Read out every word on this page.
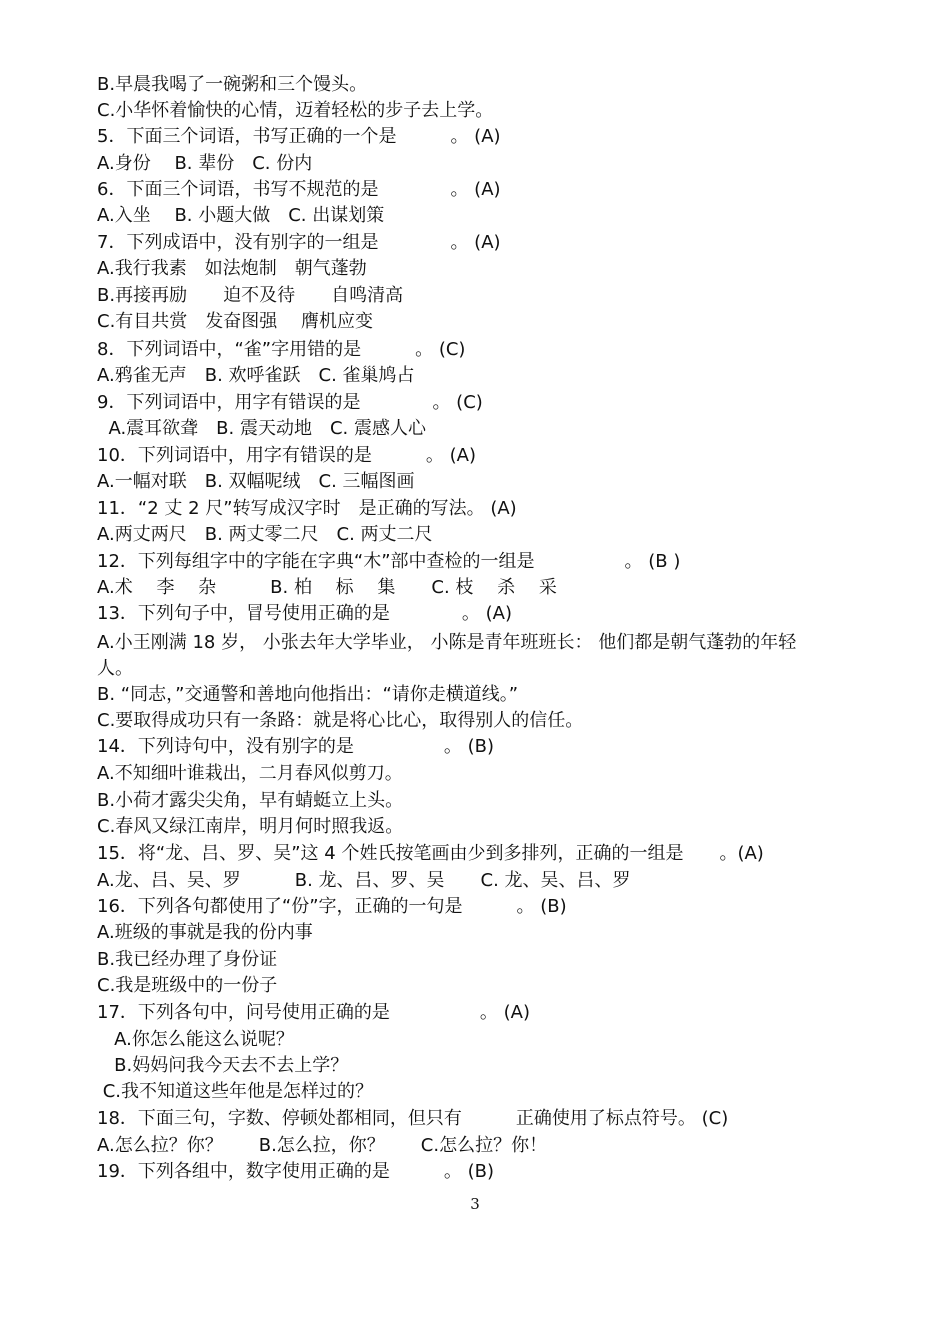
B.早晨我喝了一碗粥和三个馒头。
C.小华怀着愉快的心情，迈着轻松的步子去上学。
5．下面三个词语，书写正确的一个是　　　。 (A)
A.身份　 B. 辈份　C. 份内
6．下面三个词语，书写不规范的是　　　　。 (A)
A.入坐　 B. 小题大做　C. 出谋划策
7．下列成语中，没有别字的一组是　　　　。 (A)
A.我行我素　如法炮制　朝气蓬勃
B.再接再励　　迫不及待　　自鸣清高
C.有目共赏　发奋图强　 膺机应变
8．下列词语中，“雀”字用错的是　　　。 (C)
A.鸦雀无声　B. 欢呼雀跃　C. 雀巢鸠占
9．下列词语中，用字有错误的是　　　　。 (C)
A.震耳欲聋　B. 震天动地　C. 震感人心
10．下列词语中，用字有错误的是　　　。 (A)
A.一幅对联　B. 双幅呢绒　C. 三幅图画
11．“2 丈 2 尺”转写成汉字时　是正确的写法。 (A)
A.两丈两尺　B. 两丈零二尺　C. 两丈二尺
12．下列每组字中的字能在字典“木”部中查检的一组是　　　　　。 (B )
A.术　 李　 杂　　　B. 柏　 标　 集　　C. 枝　 杀　 采
13．下列句子中，冒号使用正确的是　　　　。 (A)
A.小王刚满 18 岁， 小张去年大学毕业， 小陈是青年班班长： 他们都是朝气蓬勃的年轻
人。
B. “同志，”交通警和善地向他指出：“请你走横道线。”
C.要取得成功只有一条路：就是将心比心，取得别人的信任。
14．下列诗句中，没有别字的是　　　　　。 (B)
A.不知细叶谁栽出，二月春风似剪刀。
B.小荷才露尖尖角，早有蜻蜓立上头。
C.春风又绿江南岸，明月何时照我返。
15．将“龙、吕、罗、吴”这 4 个姓氏按笔画由少到多排列，正确的一组是　　。(A)
A.龙、吕、吴、罗　　　B. 龙、吕、罗、吴　　C. 龙、吴、吕、罗
16．下列各句都使用了“份”字，正确的一句是　　　。 (B)
A.班级的事就是我的份内事
B.我已经办理了身份证
C.我是班级中的一份子
17．下列各句中，问号使用正确的是　　　　　。 (A)
A.你怎么能这么说呢？
B.妈妈问我今天去不去上学？
C.我不知道这些年他是怎样过的？
18．下面三句，字数、停顿处都相同，但只有　　　正确使用了标点符号。 (C)
A.怎么拉？你？　　B.怎么拉，你？　　C.怎么拉？你！
19．下列各组中，数字使用正确的是　　　。 (B)
3
